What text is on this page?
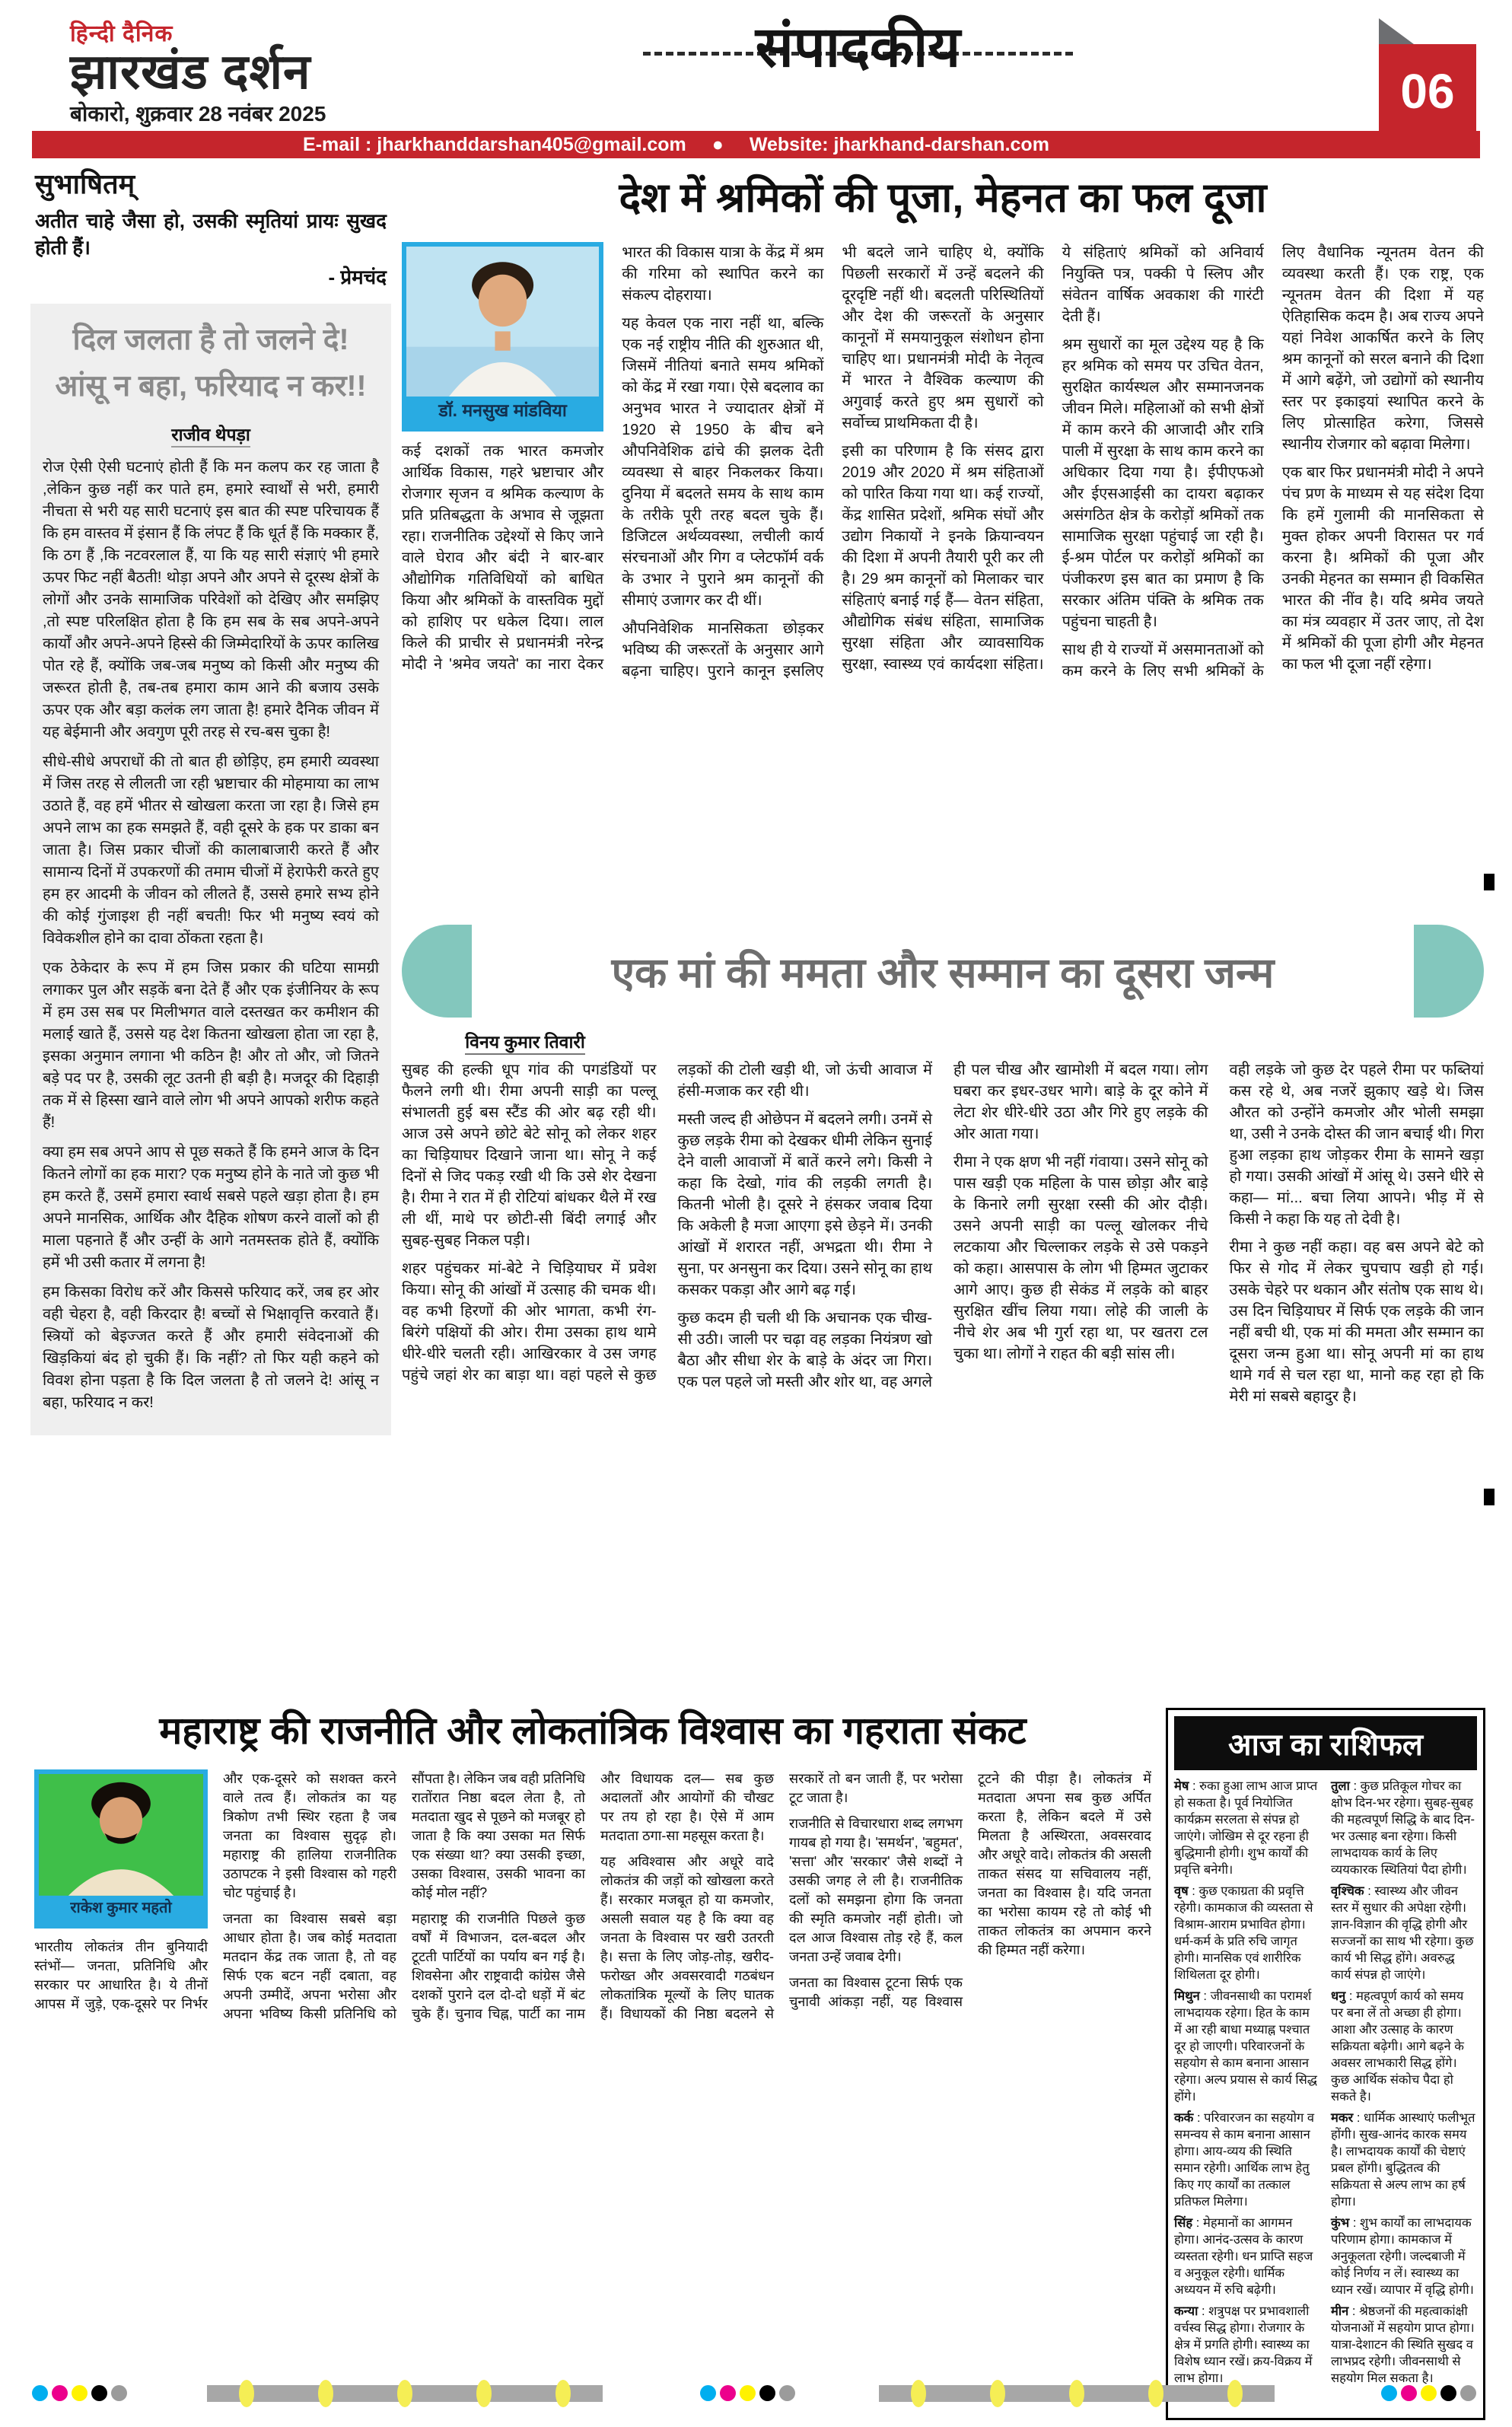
हिन्दी दैनिक
झारखंड दर्शन
बोकारो, शुक्रवार 28 नवंबर 2025
संपादकीय
06
E-mail : jharkhanddarshan405@gmail.com ● Website: jharkhand-darshan.com
सुभाषितम्

अतीत चाहे जैसा हो, उसकी स्मृतियां प्रायः सुखद होती हैं।

- प्रेमचंद

दिल जलता है तो जलने दे!
आंसू न बहा, फरियाद न कर!!

राजीव थेपड़ा

रोज ऐसी ऐसी घटनाएं होती हैं कि मन कलप कर रह जाता है ,लेकिन कुछ नहीं कर पाते हम, हमारे स्वार्थों से भरी, हमारी नीचता से भरी यह सारी घटनाएं इस बात की स्पष्ट परिचायक हैं कि हम वास्तव में इंसान हैं कि लंपट हैं कि धूर्त हैं कि मक्कार हैं, कि ठग हैं ,कि नटवरलाल हैं, या कि यह सारी संज्ञाएं भी हमारे ऊपर फिट नहीं बैठती! थोड़ा अपने और अपने से दूरस्थ क्षेत्रों के लोगों और उनके सामाजिक परिवेशों को देखिए और समझिए ,तो स्पष्ट परिलक्षित होता है कि हम सब के सब अपने-अपने कार्यों और अपने-अपने हिस्से की जिम्मेदारियों के ऊपर कालिख पोत रहे हैं, क्योंकि जब-जब मनुष्य को किसी और मनुष्य की जरूरत होती है, तब-तब हमारा काम आने की बजाय उसके ऊपर एक और बड़ा कलंक लग जाता है! हमारे दैनिक जीवन में यह बेईमानी और अवगुण पूरी तरह से रच-बस चुका है!

सीधे-सीधे अपराधों की तो बात ही छोड़िए, हम हमारी व्यवस्था में जिस तरह से लीलती जा रही भ्रष्टाचार की मोहमाया का लाभ उठाते हैं, वह हमें भीतर से खोखला करता जा रहा है। जिसे हम अपने लाभ का हक समझते हैं, वही दूसरे के हक पर डाका बन जाता है। जिस प्रकार चीजों की कालाबाजारी करते हैं और सामान्य दिनों में उपकरणों की तमाम चीजों में हेराफेरी करते हुए हम हर आदमी के जीवन को लीलते हैं, उससे हमारे सभ्य होने की कोई गुंजाइश ही नहीं बचती! फिर भी मनुष्य स्वयं को विवेकशील होने का दावा ठोंकता रहता है।

एक ठेकेदार के रूप में हम जिस प्रकार की घटिया सामग्री लगाकर पुल और सड़कें बना देते हैं और एक इंजीनियर के रूप में हम उस सब पर मिलीभगत वाले दस्तखत कर कमीशन की मलाई खाते हैं, उससे यह देश कितना खोखला होता जा रहा है, इसका अनुमान लगाना भी कठिन है! और तो और, जो जितने बड़े पद पर है, उसकी लूट उतनी ही बड़ी है। मजदूर की दिहाड़ी तक में से हिस्सा खाने वाले लोग भी अपने आपको शरीफ कहते हैं!

क्या हम सब अपने आप से पूछ सकते हैं कि हमने आज के दिन कितने लोगों का हक मारा? एक मनुष्य होने के नाते जो कुछ भी हम करते हैं, उसमें हमारा स्वार्थ सबसे पहले खड़ा होता है। हम अपने मानसिक, आर्थिक और दैहिक शोषण करने वालों को ही माला पहनाते हैं और उन्हीं के आगे नतमस्तक होते हैं, क्योंकि हमें भी उसी कतार में लगना है!

हम किसका विरोध करें और किससे फरियाद करें, जब हर ओर वही चेहरा है, वही किरदार है! बच्चों से भिक्षावृत्ति करवाते हैं। स्त्रियों को बेइज्जत करते हैं और हमारी संवेदनाओं की खिड़कियां बंद हो चुकी हैं। कि नहीं? तो फिर यही कहने को विवश होना पड़ता है कि दिल जलता है तो जलने दे! आंसू न बहा, फरियाद न कर!

देश में श्रमिकों की पूजा, मेहनत का फल दूजा
डॉ. मनसुख मांडविया

कई दशकों तक भारत कमजोर आर्थिक विकास, गहरे भ्रष्टाचार और रोजगार सृजन व श्रमिक कल्याण के प्रति प्रतिबद्धता के अभाव से जूझता रहा। राजनीतिक उद्देश्यों से किए जाने वाले घेराव और बंदी ने बार-बार औद्योगिक गतिविधियों को बाधित किया और श्रमिकों के वास्तविक मुद्दों को हाशिए पर धकेल दिया। लाल किले की प्राचीर से प्रधानमंत्री नरेन्द्र मोदी ने 'श्रमेव जयते' का नारा देकर भारत की विकास यात्रा के केंद्र में श्रम की गरिमा को स्थापित करने का संकल्प दोहराया।

यह केवल एक नारा नहीं था, बल्कि एक नई राष्ट्रीय नीति की शुरुआत थी, जिसमें नीतियां बनाते समय श्रमिकों को केंद्र में रखा गया। ऐसे बदलाव का अनुभव भारत ने ज्यादातर क्षेत्रों में 1920 से 1950 के बीच बने औपनिवेशिक ढांचे की झलक देती व्यवस्था से बाहर निकलकर किया। दुनिया में बदलते समय के साथ काम के तरीके पूरी तरह बदल चुके हैं। डिजिटल अर्थव्यवस्था, लचीली कार्य संरचनाओं और गिग व प्लेटफॉर्म वर्क के उभार ने पुराने श्रम कानूनों की सीमाएं उजागर कर दी थीं।

औपनिवेशिक मानसिकता छोड़कर भविष्य की जरूरतों के अनुसार आगे बढ़ना चाहिए। पुराने कानून इसलिए भी बदले जाने चाहिए थे, क्योंकि पिछली सरकारों में उन्हें बदलने की दूरदृष्टि नहीं थी। बदलती परिस्थितियों और देश की जरूरतों के अनुसार कानूनों में समयानुकूल संशोधन होना चाहिए था। प्रधानमंत्री मोदी के नेतृत्व में भारत ने वैश्विक कल्याण की अगुवाई करते हुए श्रम सुधारों को सर्वोच्च प्राथमिकता दी है।

इसी का परिणाम है कि संसद द्वारा 2019 और 2020 में श्रम संहिताओं को पारित किया गया था। कई राज्यों, केंद्र शासित प्रदेशों, श्रमिक संघों और उद्योग निकायों ने इनके क्रियान्वयन की दिशा में अपनी तैयारी पूरी कर ली है। 29 श्रम कानूनों को मिलाकर चार संहिताएं बनाई गई हैं— वेतन संहिता, औद्योगिक संबंध संहिता, सामाजिक सुरक्षा संहिता और व्यावसायिक सुरक्षा, स्वास्थ्य एवं कार्यदशा संहिता। ये संहिताएं श्रमिकों को अनिवार्य नियुक्ति पत्र, पक्की पे स्लिप और संवेतन वार्षिक अवकाश की गारंटी देती हैं।

श्रम सुधारों का मूल उद्देश्य यह है कि हर श्रमिक को समय पर उचित वेतन, सुरक्षित कार्यस्थल और सम्मानजनक जीवन मिले। महिलाओं को सभी क्षेत्रों में काम करने की आजादी और रात्रि पाली में सुरक्षा के साथ काम करने का अधिकार दिया गया है। ईपीएफओ और ईएसआईसी का दायरा बढ़ाकर असंगठित क्षेत्र के करोड़ों श्रमिकों तक सामाजिक सुरक्षा पहुंचाई जा रही है। ई-श्रम पोर्टल पर करोड़ों श्रमिकों का पंजीकरण इस बात का प्रमाण है कि सरकार अंतिम पंक्ति के श्रमिक तक पहुंचना चाहती है।

साथ ही ये राज्यों में असमानताओं को कम करने के लिए सभी श्रमिकों के लिए वैधानिक न्यूनतम वेतन की व्यवस्था करती हैं। एक राष्ट्र, एक न्यूनतम वेतन की दिशा में यह ऐतिहासिक कदम है। अब राज्य अपने यहां निवेश आकर्षित करने के लिए श्रम कानूनों को सरल बनाने की दिशा में आगे बढ़ेंगे, जो उद्योगों को स्थानीय स्तर पर इकाइयां स्थापित करने के लिए प्रोत्साहित करेगा, जिससे स्थानीय रोजगार को बढ़ावा मिलेगा।

एक बार फिर प्रधानमंत्री मोदी ने अपने पंच प्रण के माध्यम से यह संदेश दिया कि हमें गुलामी की मानसिकता से मुक्त होकर अपनी विरासत पर गर्व करना है। श्रमिकों की पूजा और उनकी मेहनत का सम्मान ही विकसित भारत की नींव है। यदि श्रमेव जयते का मंत्र व्यवहार में उतर जाए, तो देश में श्रमिकों की पूजा होगी और मेहनत का फल भी दूजा नहीं रहेगा।

एक मां की ममता और सम्मान का दूसरा जन्म
विनय कुमार तिवारी

सुबह की हल्की धूप गांव की पगडंडियों पर फैलने लगी थी। रीमा अपनी साड़ी का पल्लू संभालती हुई बस स्टैंड की ओर बढ़ रही थी। आज उसे अपने छोटे बेटे सोनू को लेकर शहर का चिड़ियाघर दिखाने जाना था। सोनू ने कई दिनों से जिद पकड़ रखी थी कि उसे शेर देखना है। रीमा ने रात में ही रोटियां बांधकर थैले में रख ली थीं, माथे पर छोटी-सी बिंदी लगाई और सुबह-सुबह निकल पड़ी।

शहर पहुंचकर मां-बेटे ने चिड़ियाघर में प्रवेश किया। सोनू की आंखों में उत्साह की चमक थी। वह कभी हिरणों की ओर भागता, कभी रंग-बिरंगे पक्षियों की ओर। रीमा उसका हाथ थामे धीरे-धीरे चलती रही। आखिरकार वे उस जगह पहुंचे जहां शेर का बाड़ा था। वहां पहले से कुछ लड़कों की टोली खड़ी थी, जो ऊंची आवाज में हंसी-मजाक कर रही थी।

मस्ती जल्द ही ओछेपन में बदलने लगी। उनमें से कुछ लड़के रीमा को देखकर धीमी लेकिन सुनाई देने वाली आवाजों में बातें करने लगे। किसी ने कहा कि देखो, गांव की लड़की लगती है। कितनी भोली है। दूसरे ने हंसकर जवाब दिया कि अकेली है मजा आएगा इसे छेड़ने में। उनकी आंखों में शरारत नहीं, अभद्रता थी। रीमा ने सुना, पर अनसुना कर दिया। उसने सोनू का हाथ कसकर पकड़ा और आगे बढ़ गई।

कुछ कदम ही चली थी कि अचानक एक चीख-सी उठी। जाली पर चढ़ा वह लड़का नियंत्रण खो बैठा और सीधा शेर के बाड़े के अंदर जा गिरा। एक पल पहले जो मस्ती और शोर था, वह अगले ही पल चीख और खामोशी में बदल गया। लोग घबरा कर इधर-उधर भागे। बाड़े के दूर कोने में लेटा शेर धीरे-धीरे उठा और गिरे हुए लड़के की ओर आता गया।

रीमा ने एक क्षण भी नहीं गंवाया। उसने सोनू को पास खड़ी एक महिला के पास छोड़ा और बाड़े के किनारे लगी सुरक्षा रस्सी की ओर दौड़ी। उसने अपनी साड़ी का पल्लू खोलकर नीचे लटकाया और चिल्लाकर लड़के से उसे पकड़ने को कहा। आसपास के लोग भी हिम्मत जुटाकर आगे आए। कुछ ही सेकंड में लड़के को बाहर सुरक्षित खींच लिया गया। लोहे की जाली के नीचे शेर अब भी गुर्रा रहा था, पर खतरा टल चुका था। लोगों ने राहत की बड़ी सांस ली।

वही लड़के जो कुछ देर पहले रीमा पर फब्तियां कस रहे थे, अब नजरें झुकाए खड़े थे। जिस औरत को उन्होंने कमजोर और भोली समझा था, उसी ने उनके दोस्त की जान बचाई थी। गिरा हुआ लड़का हाथ जोड़कर रीमा के सामने खड़ा हो गया। उसकी आंखों में आंसू थे। उसने धीरे से कहा— मां... बचा लिया आपने। भीड़ में से किसी ने कहा कि यह तो देवी है।

रीमा ने कुछ नहीं कहा। वह बस अपने बेटे को फिर से गोद में लेकर चुपचाप खड़ी हो गई। उसके चेहरे पर थकान और संतोष एक साथ थे। उस दिन चिड़ियाघर में सिर्फ एक लड़के की जान नहीं बची थी, एक मां की ममता और सम्मान का दूसरा जन्म हुआ था। सोनू अपनी मां का हाथ थामे गर्व से चल रहा था, मानो कह रहा हो कि मेरी मां सबसे बहादुर है।

महाराष्ट्र की राजनीति और लोकतांत्रिक विश्वास का गहराता संकट
राकेश कुमार महतो

भारतीय लोकतंत्र तीन बुनियादी स्तंभों— जनता, प्रतिनिधि और सरकार पर आधारित है। ये तीनों आपस में जुड़े, एक-दूसरे पर निर्भर और एक-दूसरे को सशक्त करने वाले तत्व हैं। लोकतंत्र का यह त्रिकोण तभी स्थिर रहता है जब जनता का विश्वास सुदृढ़ हो। महाराष्ट्र की हालिया राजनीतिक उठापटक ने इसी विश्वास को गहरी चोट पहुंचाई है।

जनता का विश्वास सबसे बड़ा आधार होता है। जब कोई मतदाता मतदान केंद्र तक जाता है, तो वह सिर्फ एक बटन नहीं दबाता, वह अपनी उम्मीदें, अपना भरोसा और अपना भविष्य किसी प्रतिनिधि को सौंपता है। लेकिन जब वही प्रतिनिधि रातोंरात निष्ठा बदल लेता है, तो मतदाता खुद से पूछने को मजबूर हो जाता है कि क्या उसका मत सिर्फ एक संख्या था? क्या उसकी इच्छा, उसका विश्वास, उसकी भावना का कोई मोल नहीं?

महाराष्ट्र की राजनीति पिछले कुछ वर्षों में विभाजन, दल-बदल और टूटती पार्टियों का पर्याय बन गई है। शिवसेना और राष्ट्रवादी कांग्रेस जैसे दशकों पुराने दल दो-दो धड़ों में बंट चुके हैं। चुनाव चिह्न, पार्टी का नाम और विधायक दल— सब कुछ अदालतों और आयोगों की चौखट पर तय हो रहा है। ऐसे में आम मतदाता ठगा-सा महसूस करता है।

यह अविश्वास और अधूरे वादे लोकतंत्र की जड़ों को खोखला करते हैं। सरकार मजबूत हो या कमजोर, असली सवाल यह है कि क्या वह जनता के विश्वास पर खरी उतरती है। सत्ता के लिए जोड़-तोड़, खरीद-फरोख्त और अवसरवादी गठबंधन लोकतांत्रिक मूल्यों के लिए घातक हैं। विधायकों की निष्ठा बदलने से सरकारें तो बन जाती हैं, पर भरोसा टूट जाता है।

राजनीति से विचारधारा शब्द लगभग गायब हो गया है। 'समर्थन', 'बहुमत', 'सत्ता' और 'सरकार' जैसे शब्दों ने उसकी जगह ले ली है। राजनीतिक दलों को समझना होगा कि जनता की स्मृति कमजोर नहीं होती। जो दल आज विश्वास तोड़ रहे हैं, कल जनता उन्हें जवाब देगी।

जनता का विश्वास टूटना सिर्फ एक चुनावी आंकड़ा नहीं, यह विश्वास टूटने की पीड़ा है। लोकतंत्र में मतदाता अपना सब कुछ अर्पित करता है, लेकिन बदले में उसे मिलता है अस्थिरता, अवसरवाद और अधूरे वादे। लोकतंत्र की असली ताकत संसद या सचिवालय नहीं, जनता का विश्वास है। यदि जनता का भरोसा कायम रहे तो कोई भी ताकत लोकतंत्र का अपमान करने की हिम्मत नहीं करेगा।

आज का राशिफल

मेष : रुका हुआ लाभ आज प्राप्त हो सकता है। पूर्व नियोजित कार्यक्रम सरलता से संपन्न हो जाएंगे। जोखिम से दूर रहना ही बुद्धिमानी होगी। शुभ कार्यों की प्रवृत्ति बनेगी।

वृष : कुछ एकाग्रता की प्रवृत्ति रहेगी। कामकाज की व्यस्तता से विश्राम-आराम प्रभावित होगा। धर्म-कर्म के प्रति रुचि जागृत होगी। मानसिक एवं शारीरिक शिथिलता दूर होगी।

मिथुन : जीवनसाथी का परामर्श लाभदायक रहेगा। हित के काम में आ रही बाधा मध्याह्न पश्चात दूर हो जाएगी। परिवारजनों के सहयोग से काम बनाना आसान रहेगा। अल्प प्रयास से कार्य सिद्ध होंगे।

कर्क : परिवारजन का सहयोग व समन्वय से काम बनाना आसान होगा। आय-व्यय की स्थिति समान रहेगी। आर्थिक लाभ हेतु किए गए कार्यों का तत्काल प्रतिफल मिलेगा।

सिंह : मेहमानों का आगमन होगा। आनंद-उत्सव के कारण व्यस्तता रहेगी। धन प्राप्ति सहज व अनुकूल रहेगी। धार्मिक अध्ययन में रुचि बढ़ेगी।

कन्या : शत्रुपक्ष पर प्रभावशाली वर्चस्व सिद्ध होगा। रोजगार के क्षेत्र में प्रगति होगी। स्वास्थ्य का विशेष ध्यान रखें। क्रय-विक्रय में लाभ होगा।

तुला : कुछ प्रतिकूल गोचर का क्षोभ दिन-भर रहेगा। सुबह-सुबह की महत्वपूर्ण सिद्धि के बाद दिन-भर उत्साह बना रहेगा। किसी लाभदायक कार्य के लिए व्ययकारक स्थितियां पैदा होगी।

वृश्चिक : स्वास्थ्य और जीवन स्तर में सुधार की अपेक्षा रहेगी। ज्ञान-विज्ञान की वृद्धि होगी और सज्जनों का साथ भी रहेगा। कुछ कार्य भी सिद्ध होंगे। अवरुद्ध कार्य संपन्न हो जाएंगे।

धनु : महत्वपूर्ण कार्य को समय पर बना लें तो अच्छा ही होगा। आशा और उत्साह के कारण सक्रियता बढ़ेगी। आगे बढ़ने के अवसर लाभकारी सिद्ध होंगे। कुछ आर्थिक संकोच पैदा हो सकते है।

मकर : धार्मिक आस्थाएं फलीभूत होंगी। सुख-आनंद कारक समय है। लाभदायक कार्यों की चेष्टाएं प्रबल होंगी। बुद्धितत्व की सक्रियता से अल्प लाभ का हर्ष होगा।

कुंभ : शुभ कार्यों का लाभदायक परिणाम होगा। कामकाज में अनुकूलता रहेगी। जल्दबाजी में कोई निर्णय न लें। स्वास्थ्य का ध्यान रखें। व्यापार में वृद्धि होगी।

मीन : श्रेष्ठजनों की महत्वाकांक्षी योजनाओं में सहयोग प्राप्त होगा। यात्रा-देशाटन की स्थिति सुखद व लाभप्रद रहेगी। जीवनसाथी से सहयोग मिल सकता है।
